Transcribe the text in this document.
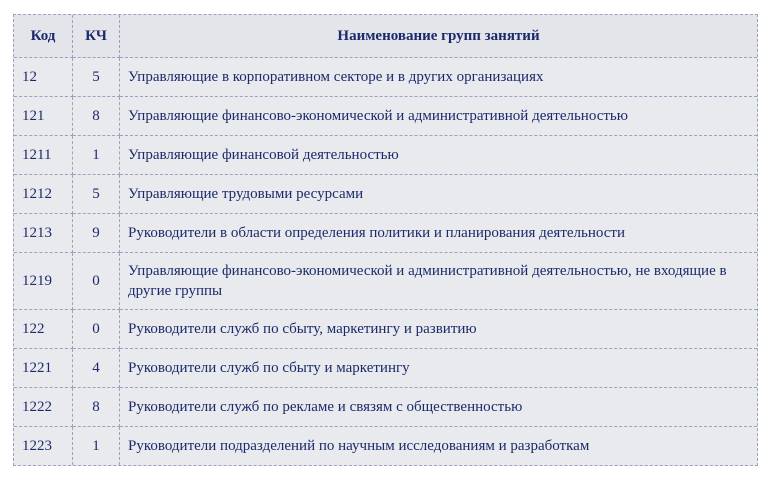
Код	КЧ	Наименование групп занятий
12	5	Управляющие в корпоративном секторе и в других организациях
121	8	Управляющие финансово-экономической и административной деятельностью
1211	1	Управляющие финансовой деятельностью
1212	5	Управляющие трудовыми ресурсами
1213	9	Руководители в области определения политики и планирования деятельности
1219	0	Управляющие финансово-экономической и административной деятельностью, не входящие в другие группы
122	0	Руководители служб по сбыту, маркетингу и развитию
1221	4	Руководители служб по сбыту и маркетингу
1222	8	Руководители служб по рекламе и связям с общественностью
1223	1	Руководители подразделений по научным исследованиям и разработкам
